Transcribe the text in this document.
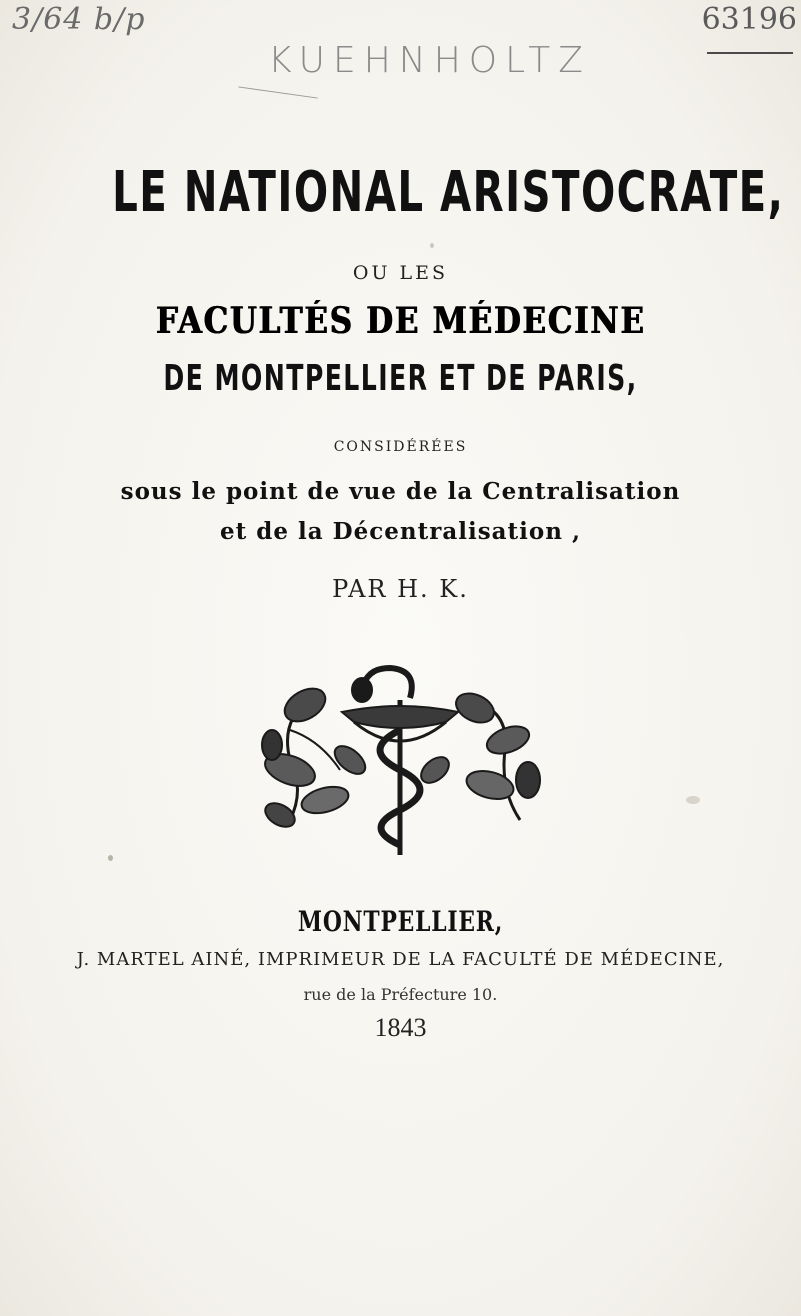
3/64 b/p
KUEHNHOLTZ
63196
LE NATIONAL ARISTOCRATE,
OU LES
FACULTÉS DE MÉDECINE
DE MONTPELLIER ET DE PARIS,
CONSIDÉRÉES
sous le point de vue de la Centralisation
et de la Décentralisation ,
PAR H. K.
MONTPELLIER,
J. MARTEL AINÉ, IMPRIMEUR DE LA FACULTÉ DE MÉDECINE,
rue de la Préfecture 10.
1843
